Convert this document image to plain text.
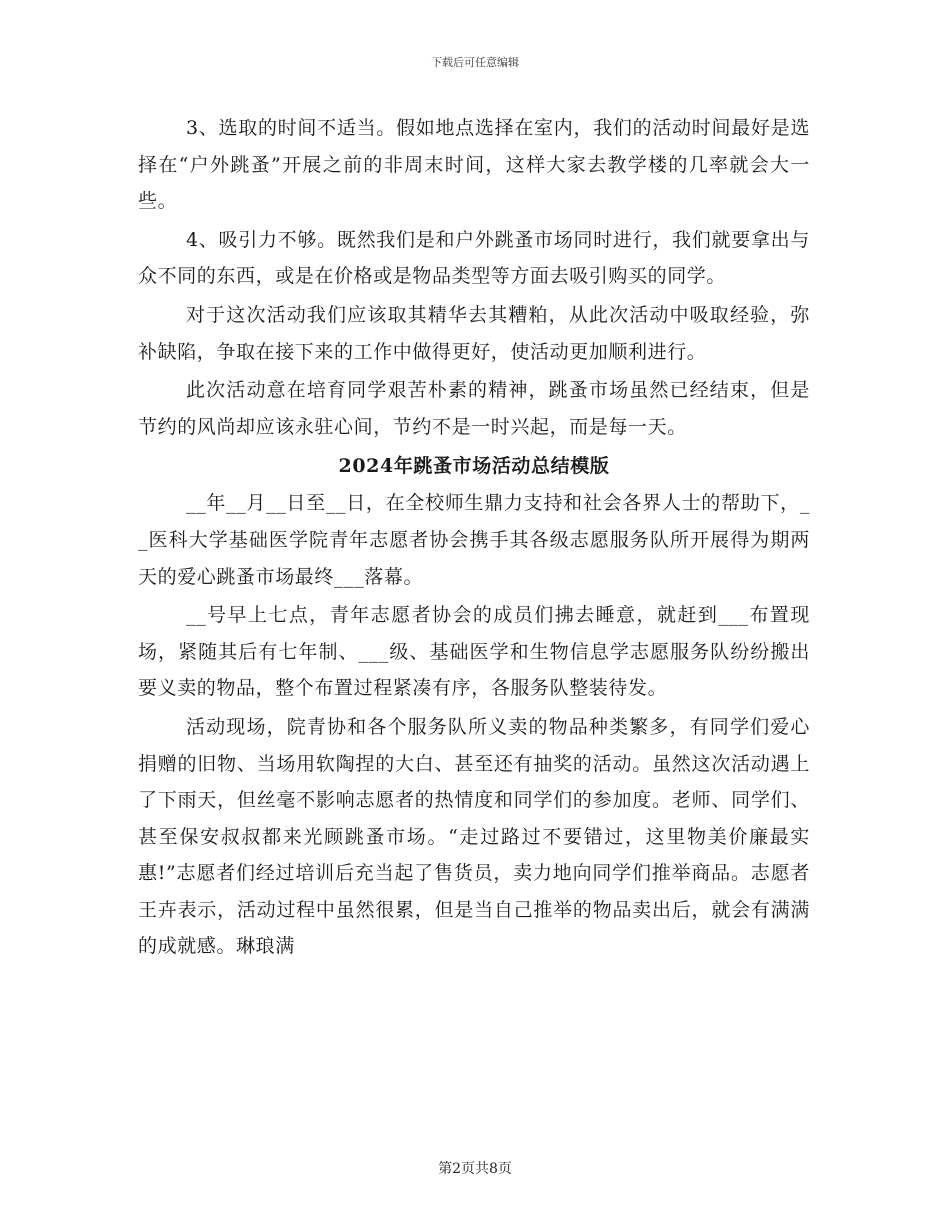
下载后可任意编辑

3、选取的时间不适当。假如地点选择在室内，我们的活动时间最好是选择在“户外跳蚤”开展之前的非周末时间，这样大家去教学楼的几率就会大一些。

4、吸引力不够。既然我们是和户外跳蚤市场同时进行，我们就要拿出与众不同的东西，或是在价格或是物品类型等方面去吸引购买的同学。

对于这次活动我们应该取其精华去其糟粕，从此次活动中吸取经验，弥补缺陷，争取在接下来的工作中做得更好，使活动更加顺利进行。

此次活动意在培育同学艰苦朴素的精神，跳蚤市场虽然已经结束，但是节约的风尚却应该永驻心间，节约不是一时兴起，而是每一天。

2024年跳蚤市场活动总结模版

__年__月__日至__日，在全校师生鼎力支持和社会各界人士的帮助下，__医科大学基础医学院青年志愿者协会携手其各级志愿服务队所开展得为期两天的爱心跳蚤市场最终___落幕。

__号早上七点，青年志愿者协会的成员们拂去睡意，就赶到___布置现场，紧随其后有七年制、___级、基础医学和生物信息学志愿服务队纷纷搬出要义卖的物品，整个布置过程紧凑有序，各服务队整装待发。

活动现场，院青协和各个服务队所义卖的物品种类繁多，有同学们爱心捐赠的旧物、当场用软陶捏的大白、甚至还有抽奖的活动。虽然这次活动遇上了下雨天，但丝毫不影响志愿者的热情度和同学们的参加度。老师、同学们、甚至保安叔叔都来光顾跳蚤市场。“走过路过不要错过，这里物美价廉最实惠!”志愿者们经过培训后充当起了售货员，卖力地向同学们推举商品。志愿者王卉表示，活动过程中虽然很累，但是当自己推举的物品卖出后，就会有满满的成就感。琳琅满

第2页共8页
